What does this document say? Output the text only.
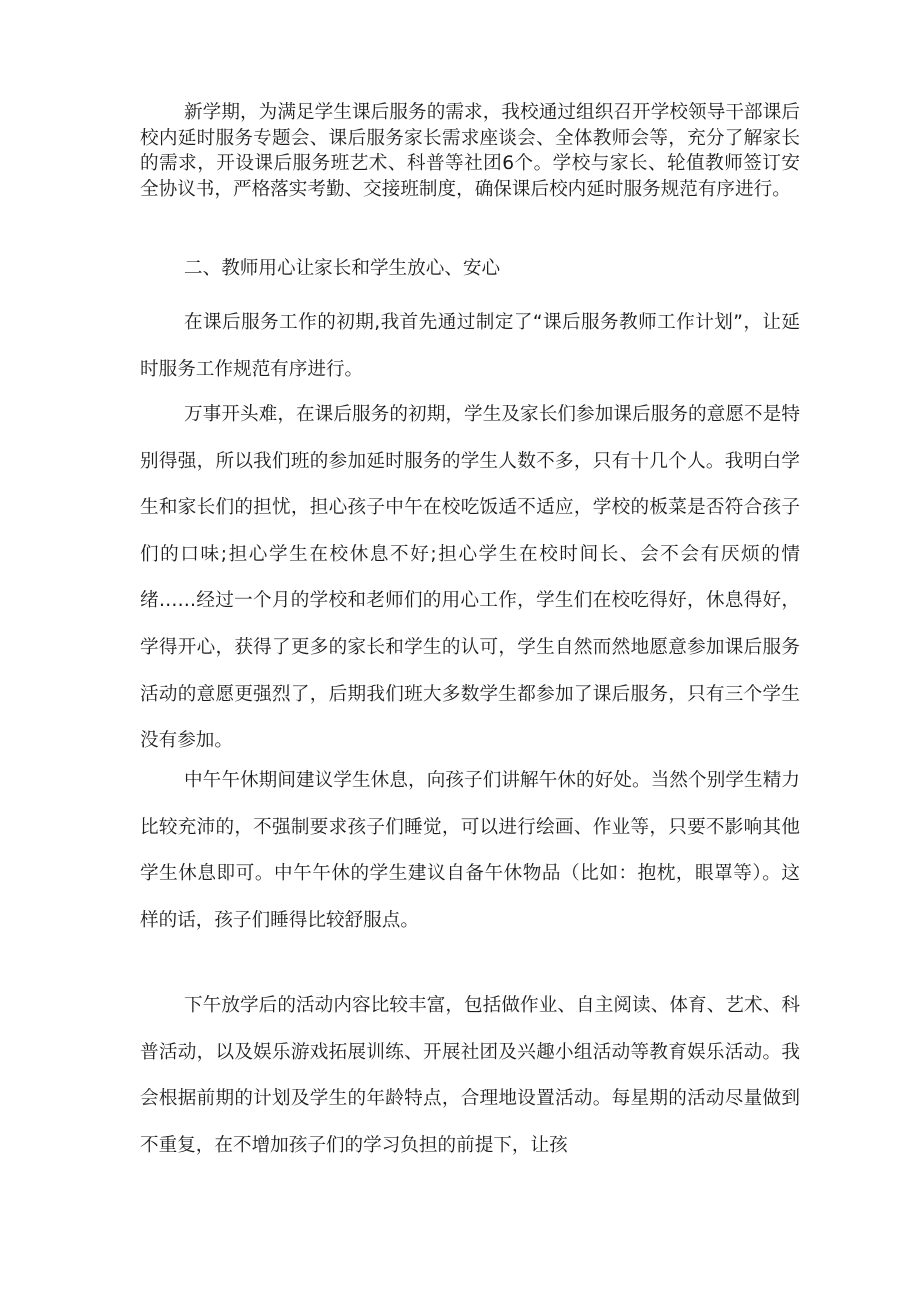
新学期，为满足学生课后服务的需求，我校通过组织召开学校领导干部课后校内延时服务专题会、课后服务家长需求座谈会、全体教师会等，充分了解家长的需求，开设课后服务班艺术、科普等社团6个。学校与家长、轮值教师签订安全协议书，严格落实考勤、交接班制度，确保课后校内延时服务规范有序进行。

二、教师用心让家长和学生放心、安心

在课后服务工作的初期,我首先通过制定了“课后服务教师工作计划”，让延时服务工作规范有序进行。

万事开头难，在课后服务的初期，学生及家长们参加课后服务的意愿不是特别得强，所以我们班的参加延时服务的学生人数不多，只有十几个人。我明白学生和家长们的担忧，担心孩子中午在校吃饭适不适应，学校的板菜是否符合孩子们的口味;担心学生在校休息不好;担心学生在校时间长、会不会有厌烦的情绪……经过一个月的学校和老师们的用心工作，学生们在校吃得好，休息得好，学得开心，获得了更多的家长和学生的认可，学生自然而然地愿意参加课后服务活动的意愿更强烈了，后期我们班大多数学生都参加了课后服务，只有三个学生没有参加。

中午午休期间建议学生休息，向孩子们讲解午休的好处。当然个别学生精力比较充沛的，不强制要求孩子们睡觉，可以进行绘画、作业等，只要不影响其他学生休息即可。中午午休的学生建议自备午休物品（比如：抱枕，眼罩等）。这样的话，孩子们睡得比较舒服点。

下午放学后的活动内容比较丰富，包括做作业、自主阅读、体育、艺术、科普活动，以及娱乐游戏拓展训练、开展社团及兴趣小组活动等教育娱乐活动。我会根据前期的计划及学生的年龄特点，合理地设置活动。每星期的活动尽量做到不重复，在不增加孩子们的学习负担的前提下，让孩
